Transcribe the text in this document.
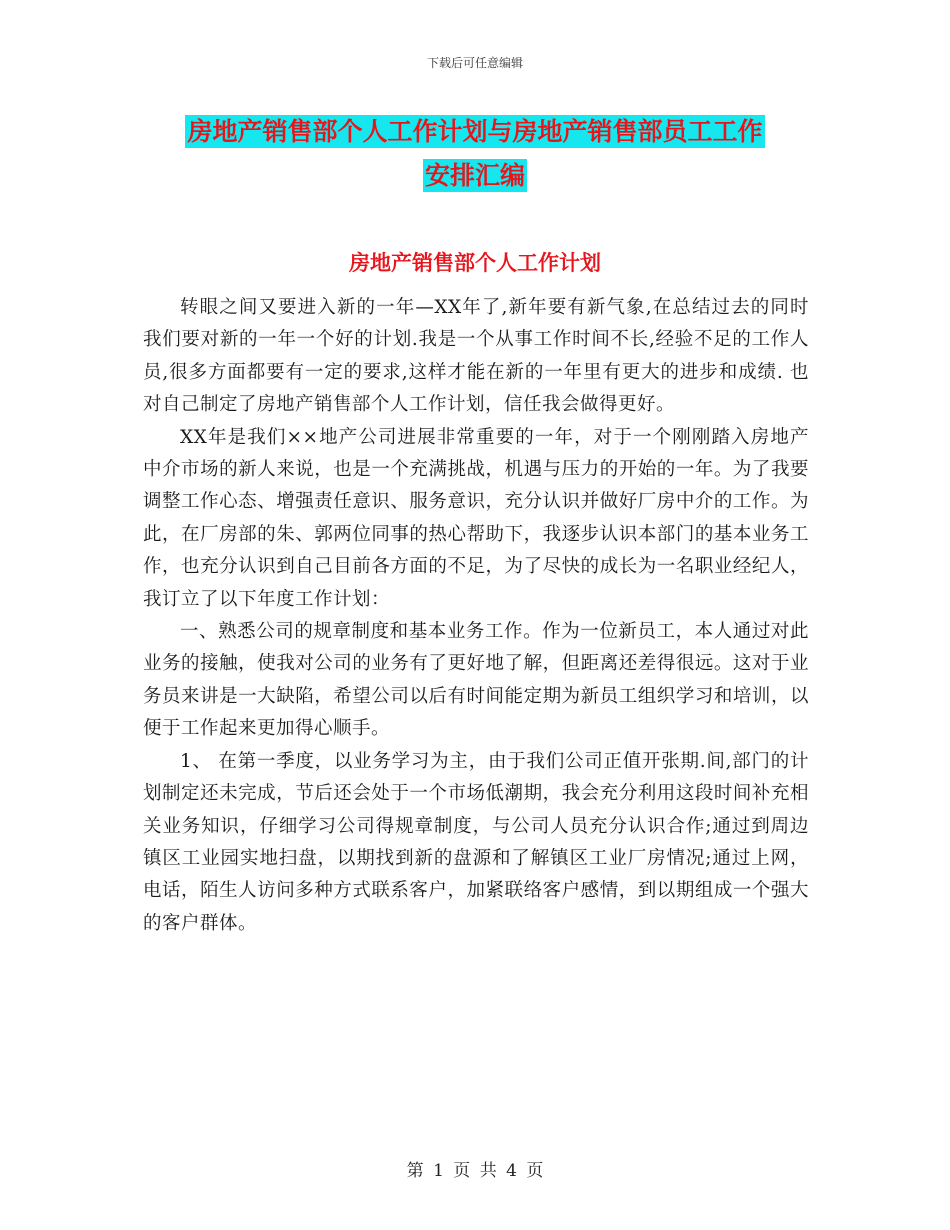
下载后可任意编辑
房地产销售部个人工作计划与房地产销售部员工工作
安排汇编
房地产销售部个人工作计划

转眼之间又要进入新的一年—XX年了,新年要有新气象,在总结过去的同时我们要对新的一年一个好的计划.我是一个从事工作时间不长,经验不足的工作人员,很多方面都要有一定的要求,这样才能在新的一年里有更大的进步和成绩. 也对自己制定了房地产销售部个人工作计划，信任我会做得更好。

XX年是我们××地产公司进展非常重要的一年，对于一个刚刚踏入房地产中介市场的新人来说，也是一个充满挑战，机遇与压力的开始的一年。为了我要调整工作心态、增强责任意识、服务意识，充分认识并做好厂房中介的工作。为此，在厂房部的朱、郭两位同事的热心帮助下，我逐步认识本部门的基本业务工作，也充分认识到自己目前各方面的不足，为了尽快的成长为一名职业经纪人，我订立了以下年度工作计划：

一、熟悉公司的规章制度和基本业务工作。作为一位新员工，本人通过对此业务的接触，使我对公司的业务有了更好地了解，但距离还差得很远。这对于业务员来讲是一大缺陷，希望公司以后有时间能定期为新员工组织学习和培训，以便于工作起来更加得心顺手。

1、 在第一季度，以业务学习为主，由于我们公司正值开张期.间,部门的计划制定还未完成，节后还会处于一个市场低潮期，我会充分利用这段时间补充相关业务知识，仔细学习公司得规章制度，与公司人员充分认识合作;通过到周边镇区工业园实地扫盘，以期找到新的盘源和了解镇区工业厂房情况;通过上网，电话，陌生人访问多种方式联系客户，加紧联络客户感情，到以期组成一个强大的客户群体。

第 1 页 共 4 页
